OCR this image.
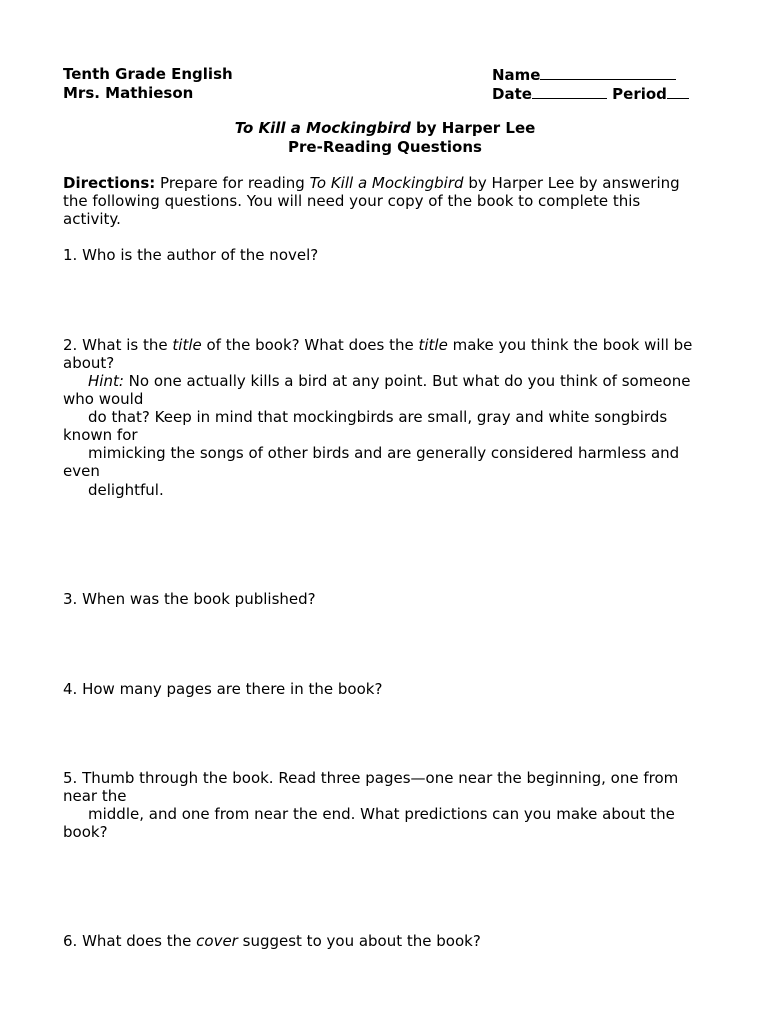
Tenth Grade English
Mrs. Mathieson
Name
Date	Period
To Kill a Mockingbird by Harper Lee
Pre-Reading Questions
Directions: Prepare for reading To Kill a Mockingbird by Harper Lee by answering
the following questions. You will need your copy of the book to complete this
activity.
1. Who is the author of the novel?
2. What is the title of the book? What does the title make you think the book will be
about?
Hint: No one actually kills a bird at any point. But what do you think of someone
who would
do that? Keep in mind that mockingbirds are small, gray and white songbirds
known for
mimicking the songs of other birds and are generally considered harmless and
even
delightful.
3. When was the book published?
4. How many pages are there in the book?
5. Thumb through the book. Read three pages—one near the beginning, one from
near the
middle, and one from near the end. What predictions can you make about the
book?
6. What does the cover suggest to you about the book?
